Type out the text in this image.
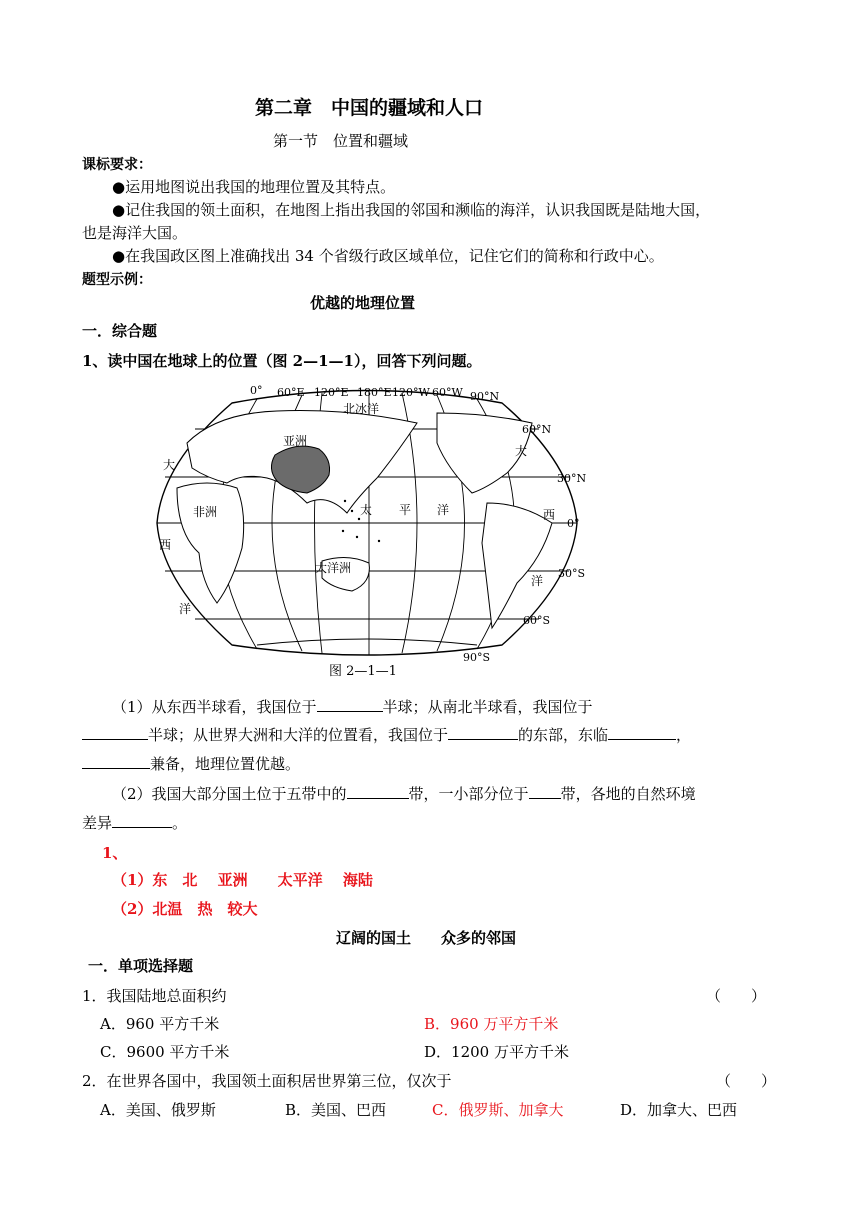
第二章　中国的疆域和人口
第一节　位置和疆域
课标要求：
●运用地图说出我国的地理位置及其特点。
●记住我国的领土面积，在地图上指出我国的邻国和濒临的海洋，认识我国既是陆地大国，
也是海洋大国。
●在我国政区图上准确找出 34 个省级行政区域单位，记住它们的简称和行政中心。
题型示例：
优越的地理位置
一．综合题
1、读中国在地球上的位置（图 2—1—1），回答下列问题。
0° 60°E 120°E 180°E 120°W 60°W 90°N
60°N
30°N
0°
30°S
60°S
90°S
北冰洋
亚洲
非洲	太 平 洋
大洋洲
大
西
洋
大
西
洋
图 2—1—1
（1）从东西半球看，我国位于	半球；从南北半球看，我国位于
半球；从世界大洲和大洋的位置看，我国位于	的东部，东临	，
兼备，地理位置优越。
（2）我国大部分国土位于五带中的	带，一小部分位于 带，各地的自然环境
差异	。
1、
（1）东　北　 亚洲　　太平洋　 海陆
（2）北温　热　较大
辽阔的国土　　众多的邻国
一．单项选择题
1．我国陆地总面积约	（　　）
A．960 平方千米	B．960 万平方千米
C．9600 平方千米	D．1200 万平方千米
2．在世界各国中，我国领土面积居世界第三位，仅次于	（　　）
A．美国、俄罗斯	B．美国、巴西	C．俄罗斯、加拿大	D．加拿大、巴西
